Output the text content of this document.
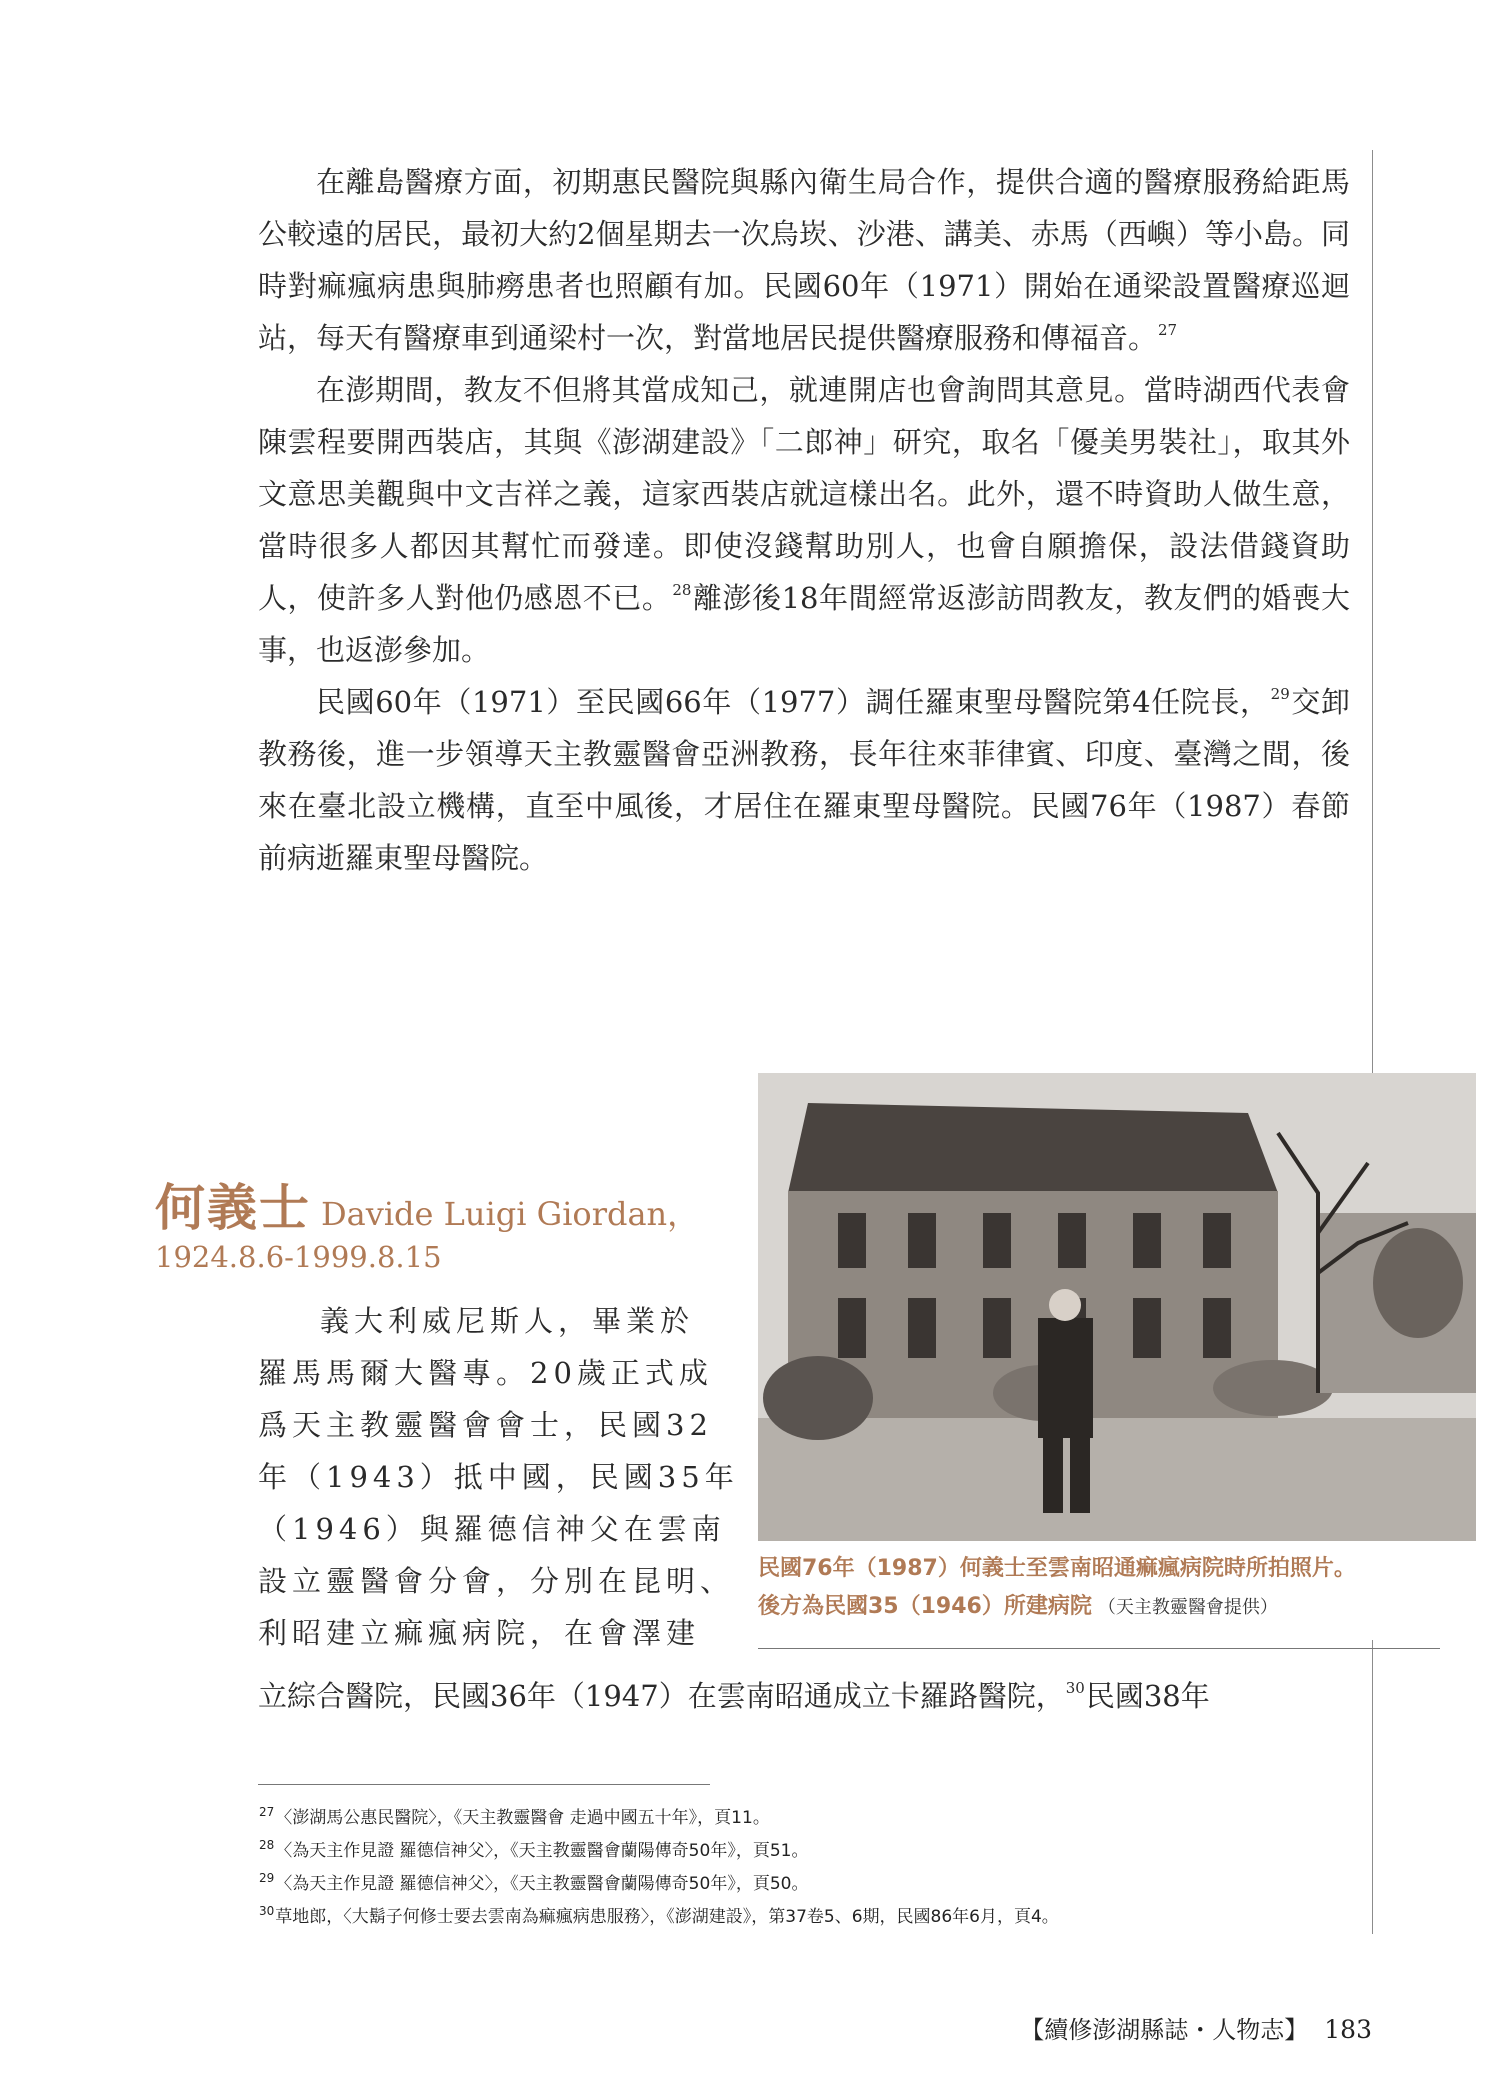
在離島醫療方面，初期惠民醫院與縣內衛生局合作，提供合適的醫療服務給距馬公較遠的居民，最初大約2個星期去一次烏崁、沙港、講美、赤馬（西嶼）等小島。同時對痲瘋病患與肺癆患者也照顧有加。民國60年（1971）開始在通梁設置醫療巡迴站，每天有醫療車到通梁村一次，對當地居民提供醫療服務和傳福音。$^{27}$

在澎期間，教友不但將其當成知己，就連開店也會詢問其意見。當時湖西代表會陳雲程要開西裝店，其與《澎湖建設》「二郎神」研究，取名「優美男裝社」，取其外文意思美觀與中文吉祥之義，這家西裝店就這樣出名。此外，還不時資助人做生意，當時很多人都因其幫忙而發達。即使沒錢幫助別人，也會自願擔保，設法借錢資助人，使許多人對他仍感恩不已。$^{28}$離澎後18年間經常返澎訪問教友，教友們的婚喪大事，也返澎參加。

民國60年（1971）至民國66年（1977）調任羅東聖母醫院第4任院長，$^{29}$交卸教務後，進一步領導天主教靈醫會亞洲教務，長年往來菲律賓、印度、臺灣之間，後來在臺北設立機構，直至中風後，才居住在羅東聖母醫院。民國76年（1987）春節前病逝羅東聖母醫院。

何義士 Davide Luigi Giordan，
1924.8.6-1999.8.15
義大利威尼斯人，畢業於
羅馬馬爾大醫專。20歲正式成
爲天主教靈醫會會士，民國32
年（1943）抵中國，民國35年
（1946）與羅德信神父在雲南
設立靈醫會分會，分別在昆明、
利昭建立痲瘋病院，在會澤建
立綜合醫院，民國36年（1947）在雲南昭通成立卡羅路醫院，$^{30}$民國38年
民國76年（1987）何義士至雲南昭通痲瘋病院時所拍照片。
後方為民國35（1946）所建病院 （天主教靈醫會提供）
$^{27}$〈澎湖馬公惠民醫院〉，《天主教靈醫會 走過中國五十年》，頁11。
$^{28}$〈為天主作見證 羅德信神父〉，《天主教靈醫會蘭陽傳奇50年》，頁51。
$^{29}$〈為天主作見證 羅德信神父〉，《天主教靈醫會蘭陽傳奇50年》，頁50。
$^{30}$草地郎，〈大鬍子何修士要去雲南為痲瘋病患服務〉，《澎湖建設》，第37卷5、6期，民國86年6月，頁4。
【續修澎湖縣誌・人物志】 183
